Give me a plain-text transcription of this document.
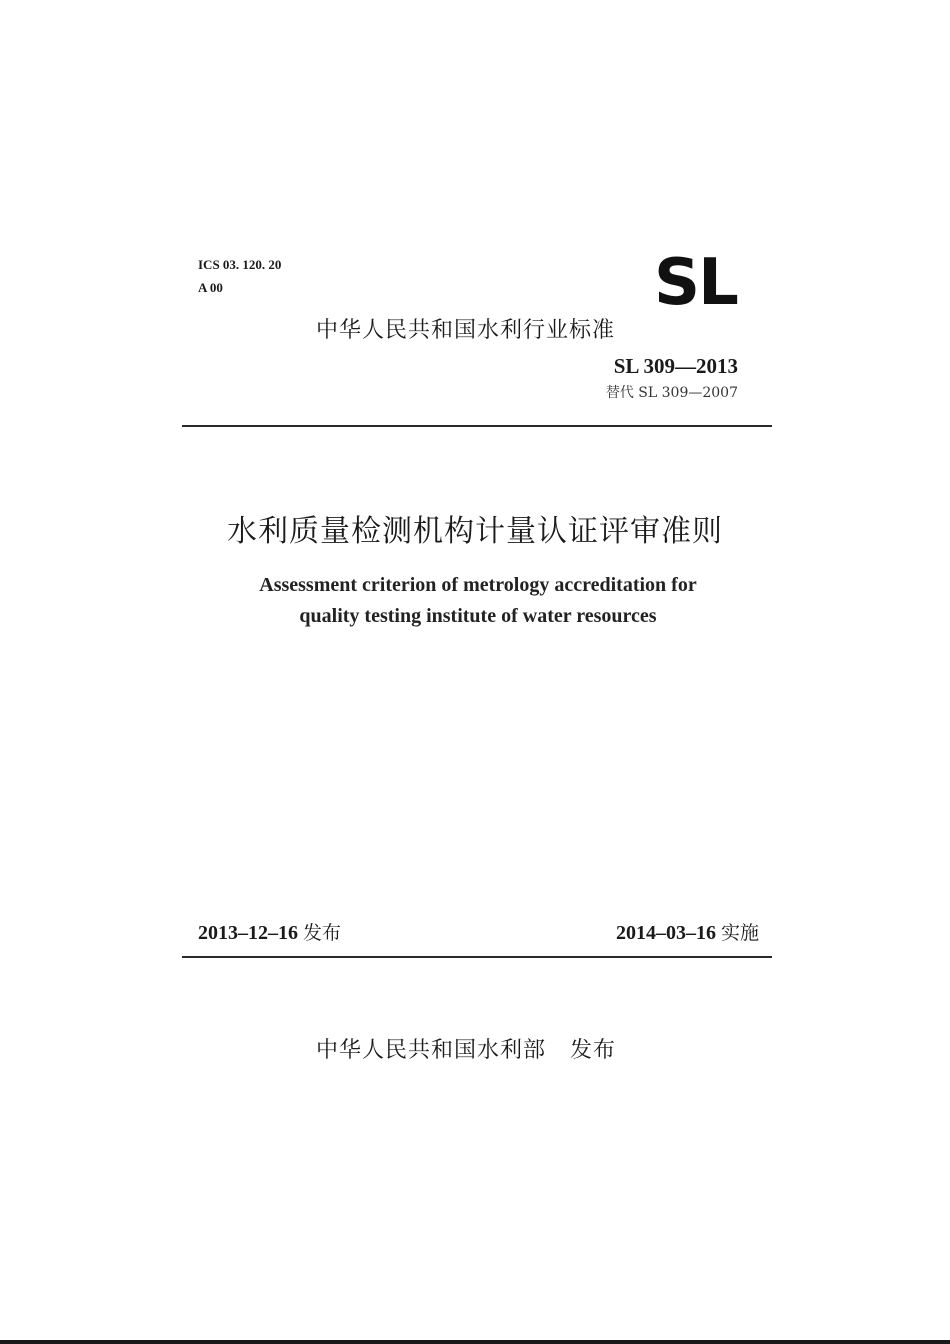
ICS 03. 120. 20
A 00	SL
中华人民共和国水利行业标准
SL 309—2013
替代 SL 309—2007
水利质量检测机构计量认证评审准则
Assessment criterion of metrology accreditation for
quality testing institute of water resources
2013–12–16 发布	2014–03–16 实施
中华人民共和国水利部 发布
